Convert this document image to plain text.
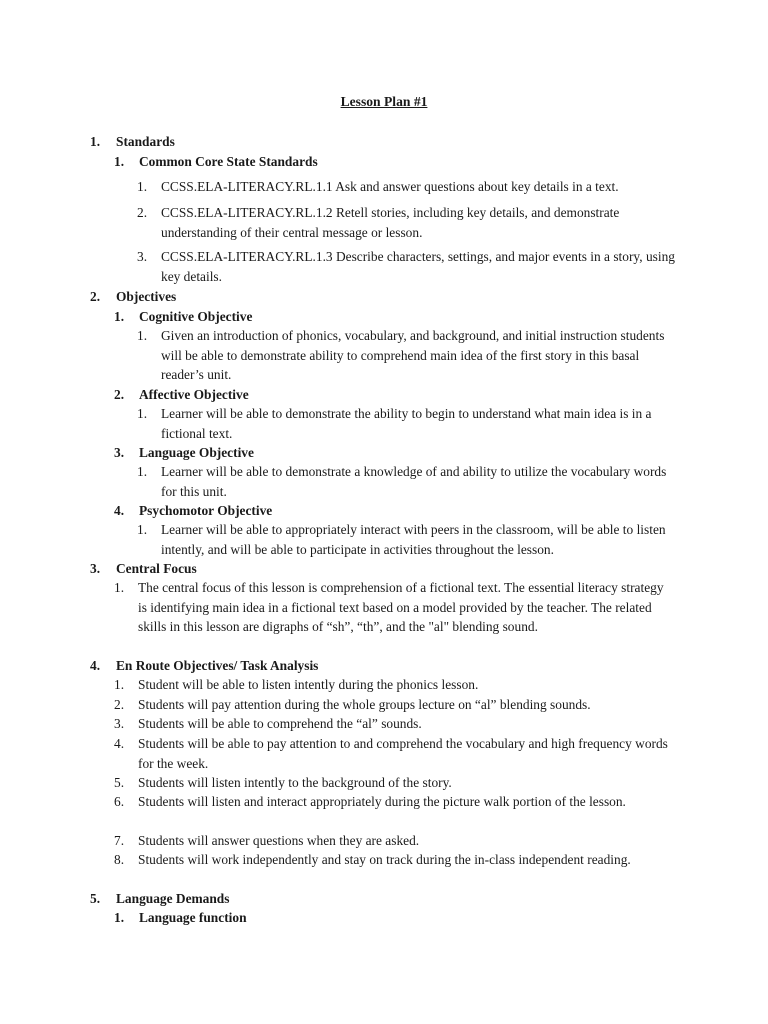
Lesson Plan #1
1. Standards
1. Common Core State Standards
1. CCSS.ELA-LITERACY.RL.1.1 Ask and answer questions about key details in a text.
2. CCSS.ELA-LITERACY.RL.1.2 Retell stories, including key details, and demonstrate understanding of their central message or lesson.
3. CCSS.ELA-LITERACY.RL.1.3 Describe characters, settings, and major events in a story, using key details.
2. Objectives
1. Cognitive Objective
1. Given an introduction of phonics, vocabulary, and background, and initial instruction students will be able to demonstrate ability to comprehend main idea of the first story in this basal reader’s unit.
2. Affective Objective
1. Learner will be able to demonstrate the ability to begin to understand what main idea is in a fictional text.
3. Language Objective
1. Learner will be able to demonstrate a knowledge of and ability to utilize the vocabulary words for this unit.
4. Psychomotor Objective
1. Learner will be able to appropriately interact with peers in the classroom, will be able to listen intently, and will be able to participate in activities throughout the lesson.
3. Central Focus
1. The central focus of this lesson is comprehension of a fictional text. The essential literacy strategy is identifying main idea in a fictional text based on a model provided by the teacher. The related skills in this lesson are digraphs of “sh”, “th”, and the "al" blending sound.
4. En Route Objectives/ Task Analysis
1. Student will be able to listen intently during the phonics lesson.
2. Students will pay attention during the whole groups lecture on “al” blending sounds.
3. Students will be able to comprehend the “al” sounds.
4. Students will be able to pay attention to and comprehend the vocabulary and high frequency words for the week.
5. Students will listen intently to the background of the story.
6. Students will listen and interact appropriately during the picture walk portion of the lesson.
7. Students will answer questions when they are asked.
8. Students will work independently and stay on track during the in-class independent reading.
5. Language Demands
1. Language function
